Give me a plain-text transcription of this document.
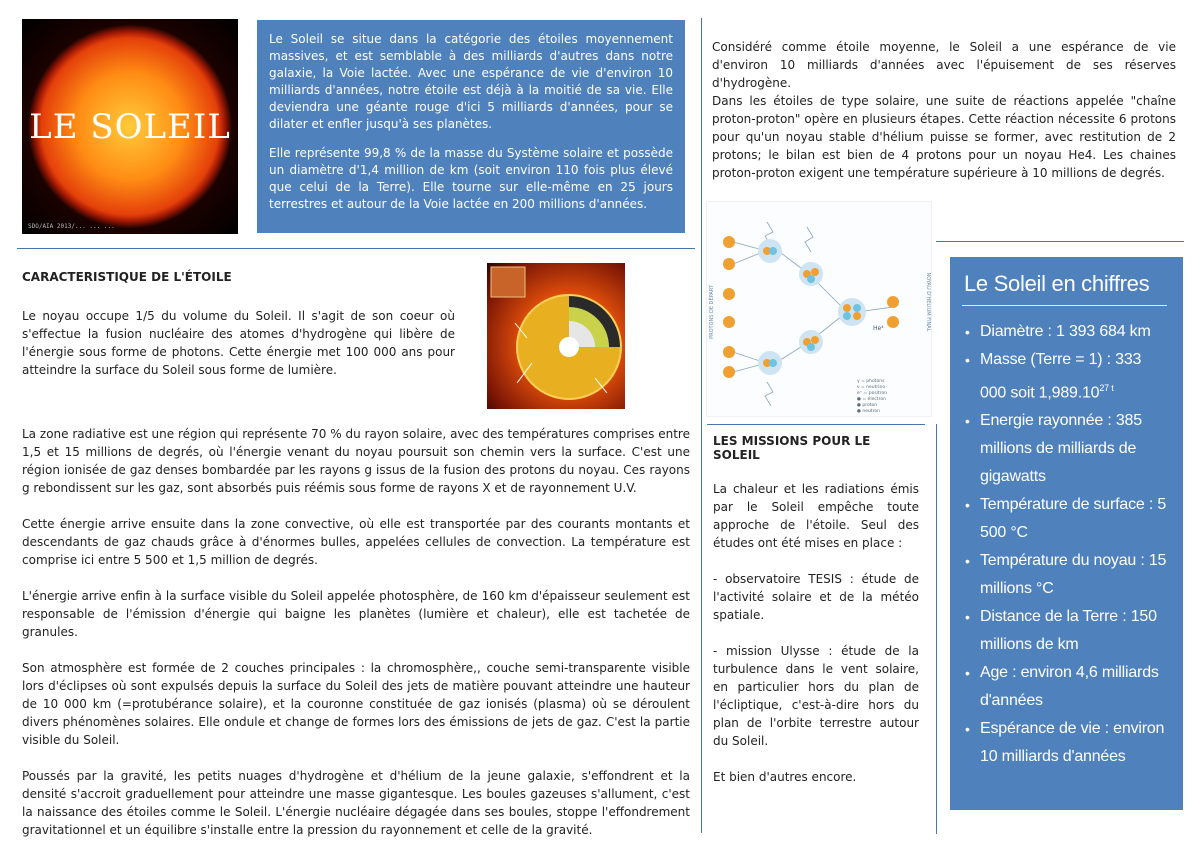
LE SOLEIL
SDO/AIA 2013/... ... ...

Le Soleil se situe dans la catégorie des étoiles moyennement massives, et est semblable à des milliards d'autres dans notre galaxie, la Voie lactée. Avec une espérance de vie d'environ 10 milliards d'années, notre étoile est déjà à la moitié de sa vie. Elle deviendra une géante rouge d'ici 5 milliards d'années, pour se dilater et enfler jusqu'à ses planètes.

Elle représente 99,8 % de la masse du Système solaire et possède un diamètre d'1,4 million de km (soit environ 110 fois plus élevé que celui de la Terre). Elle tourne sur elle-même en 25 jours terrestres et autour de la Voie lactée en 200 millions d'années.

CARACTERISTIQUE DE L'ÉTOILE

Le noyau occupe 1/5 du volume du Soleil. Il s'agit de son coeur où s'effectue la fusion nucléaire des atomes d'hydrogène qui libère de l'énergie sous forme de photons. Cette énergie met 100 000 ans pour atteindre la surface du Soleil sous forme de lumière.

La zone radiative est une région qui représente 70 % du rayon solaire, avec des températures comprises entre 1,5 et 15 millions de degrés, où l'énergie venant du noyau poursuit son chemin vers la surface. C'est une région ionisée de gaz denses bombardée par les rayons g issus de la fusion des protons du noyau. Ces rayons g rebondissent sur les gaz, sont absorbés puis réémis sous forme de rayons X et de rayonnement U.V.

Cette énergie arrive ensuite dans la zone convective, où elle est transportée par des courants montants et descendants de gaz chauds grâce à d'énormes bulles, appelées cellules de convection. La température est comprise ici entre 5 500 et 1,5 million de degrés.

L'énergie arrive enfin à la surface visible du Soleil appelée photosphère, de 160 km d'épaisseur seulement est responsable de l'émission d'énergie qui baigne les planètes (lumière et chaleur), elle est tachetée de granules.

Son atmosphère est formée de 2 couches principales : la chromosphère,, couche semi-transparente visible lors d'éclipses où sont expulsés depuis la surface du Soleil des jets de matière pouvant atteindre une hauteur de 10 000 km (=protubérance solaire), et la couronne constituée de gaz ionisés (plasma) où se déroulent divers phénomènes solaires. Elle ondule et change de formes lors des émissions de jets de gaz. C'est la partie visible du Soleil.

Poussés par la gravité, les petits nuages d'hydrogène et d'hélium de la jeune galaxie, s'effondrent et la densité s'accroit graduellement pour atteindre une masse gigantesque. Les boules gazeuses s'allument, c'est la naissance des étoiles comme le Soleil. L'énergie nucléaire dégagée dans ses boules, stoppe l'effondrement gravitationnel et un équilibre s'installe entre la pression du rayonnement et celle de la gravité.

Considéré comme étoile moyenne, le Soleil a une espérance de vie d'environ 10 milliards d'années avec l'épuisement de ses réserves d'hydrogène.

Dans les étoiles de type solaire, une suite de réactions appelée "chaîne proton-proton" opère en plusieurs étapes. Cette réaction nécessite 6 protons pour qu'un noyau stable d'hélium puisse se former, avec restitution de 2 protons; le bilan est bien de 4 protons pour un noyau He4. Les chaines proton-proton exigent une température supérieure à 10 millions de degrés.

PROTONS DE DÉPART	NOYAU D'HÉLIUM FINAL
He⁴
γ = photons
ν = neutrino
e⁺ = positron
● = électron
● proton
● neutron

LES MISSIONS POUR LE SOLEIL

La chaleur et les radiations émis par le Soleil empêche toute approche de l'étoile. Seul des études ont été mises en place :

- observatoire TESIS : étude de l'activité solaire et de la météo spatiale.

- mission Ulysse : étude de la turbulence dans le vent solaire, en particulier hors du plan de l'écliptique, c'est-à-dire hors du plan de l'orbite terrestre autour du Soleil.

Et bien d'autres encore.

Le Soleil en chiffres
• Diamètre : 1 393 684 km
• Masse (Terre = 1) : 333 000 soit $1,989.10^{27 t}$
• Energie rayonnée : 385 millions de milliards de gigawatts
• Température de surface : 5 500 °C
• Température du noyau : 15 millions °C
• Distance de la Terre : 150 millions de km
• Age : environ 4,6 milliards d'années
• Espérance de vie : environ 10 milliards d'années
